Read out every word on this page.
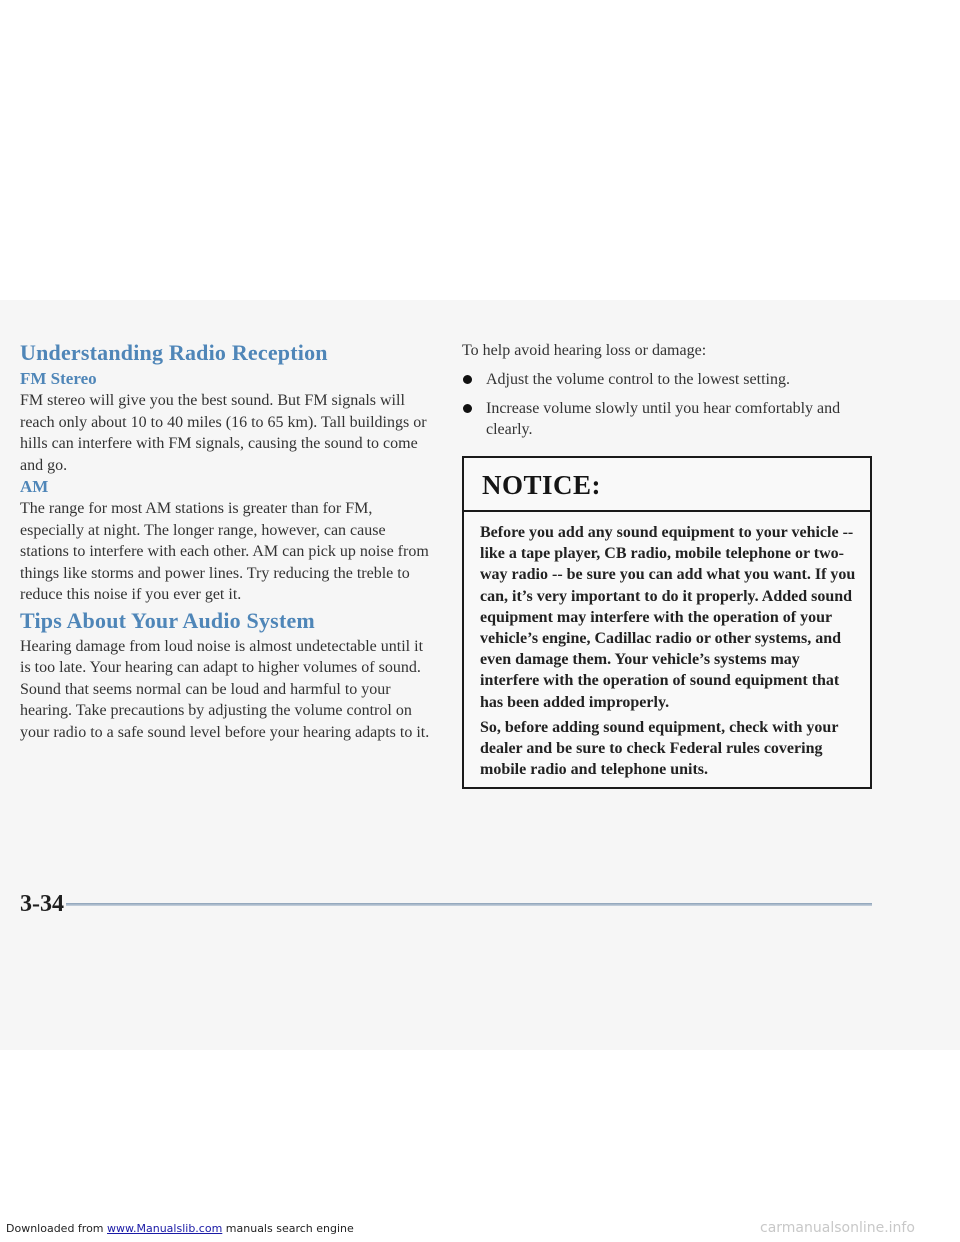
Understanding Radio Reception
FM Stereo

FM stereo will give you the best sound. But FM signals will reach only about 10 to 40 miles (16 to 65 km). Tall buildings or hills can interfere with FM signals, causing the sound to come and go.

AM

The range for most AM stations is greater than for FM, especially at night. The longer range, however, can cause stations to interfere with each other. AM can pick up noise from things like storms and power lines. Try reducing the treble to reduce this noise if you ever get it.

Tips About Your Audio System

Hearing damage from loud noise is almost undetectable until it is too late. Your hearing can adapt to higher volumes of sound. Sound that seems normal can be loud and harmful to your hearing. Take precautions by adjusting the volume control on your radio to a safe sound level before your hearing adapts to it.

To help avoid hearing loss or damage:

Adjust the volume control to the lowest setting.
Increase volume slowly until you hear comfortably and clearly.

NOTICE:

Before you add any sound equipment to your vehicle -- like a tape player, CB radio, mobile telephone or two-way radio -- be sure you can add what you want. If you can, it’s very important to do it properly. Added sound equipment may interfere with the operation of your vehicle’s engine, Cadillac radio or other systems, and even damage them. Your vehicle’s systems may interfere with the operation of sound equipment that has been added improperly.

So, before adding sound equipment, check with your dealer and be sure to check Federal rules covering mobile radio and telephone units.

3-34
Downloaded from www.Manualslib.com manuals search engine	carmanualsonline.info
